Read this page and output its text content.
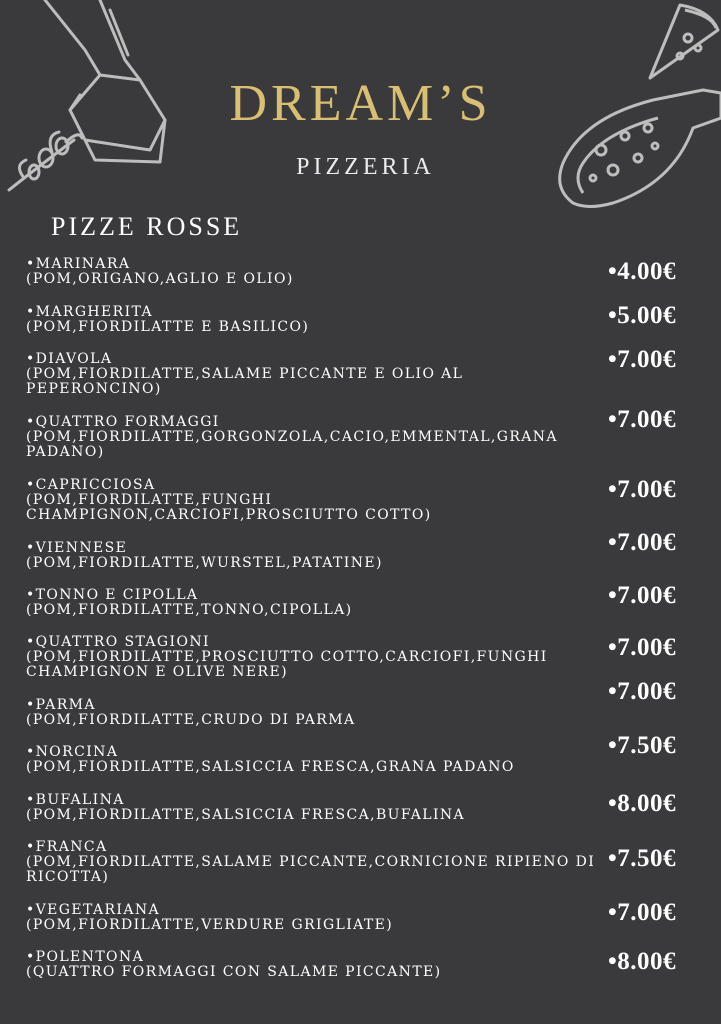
DREAM’S
PIZZERIA
PIZZE ROSSE
•MARINARA
(POM,ORIGANO,AGLIO E OLIO)	•4.00€
•MARGHERITA
(POM,FIORDILATTE E BASILICO)	•5.00€
•DIAVOLA
(POM,FIORDILATTE,SALAME PICCANTE E OLIO AL PEPERONCINO)
•7.00€
•QUATTRO FORMAGGI
(POM,FIORDILATTE,GORGONZOLA,CACIO,EMMENTAL,GRANA PADANO)
•7.00€
•CAPRICCIOSA
(POM,FIORDILATTE,FUNGHI CHAMPIGNON,CARCIOFI,PROSCIUTTO COTTO)
•7.00€
•VIENNESE
(POM,FIORDILATTE,WURSTEL,PATATINE)
•7.00€
•TONNO E CIPOLLA
(POM,FIORDILATTE,TONNO,CIPOLLA)
•7.00€
•QUATTRO STAGIONI
(POM,FIORDILATTE,PROSCIUTTO COTTO,CARCIOFI,FUNGHI CHAMPIGNON E OLIVE NERE)
•7.00€
•PARMA
(POM,FIORDILATTE,CRUDO DI PARMA
•7.00€
•NORCINA
(POM,FIORDILATTE,SALSICCIA FRESCA,GRANA PADANO
•7.50€
•BUFALINA
(POM,FIORDILATTE,SALSICCIA FRESCA,BUFALINA	•8.00€
•FRANCA
(POM,FIORDILATTE,SALAME PICCANTE,CORNICIONE RIPIENO DI RICOTTA)
•7.50€
•VEGETARIANA
(POM,FIORDILATTE,VERDURE GRIGLIATE)	•7.00€
•POLENTONA
(QUATTRO FORMAGGI CON SALAME PICCANTE)	•8.00€
